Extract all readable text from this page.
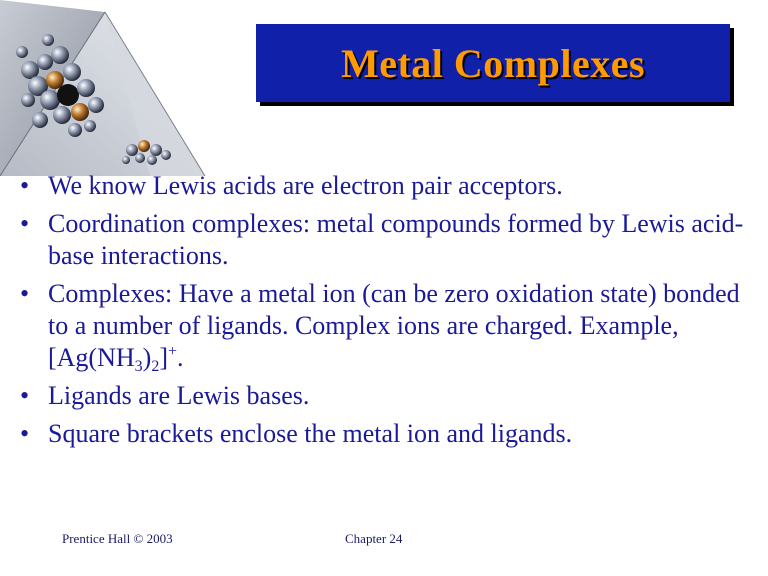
Metal Complexes
• We know Lewis acids are electron pair acceptors.
• Coordination complexes: metal compounds formed by Lewis acid-base interactions.
• Complexes: Have a metal ion (can be zero oxidation state) bonded to a number of ligands. Complex ions are charged. Example, $[Ag(NH_3)_2]^+$.
• Ligands are Lewis bases.
• Square brackets enclose the metal ion and ligands.
Prentice Hall © 2003	Chapter 24
